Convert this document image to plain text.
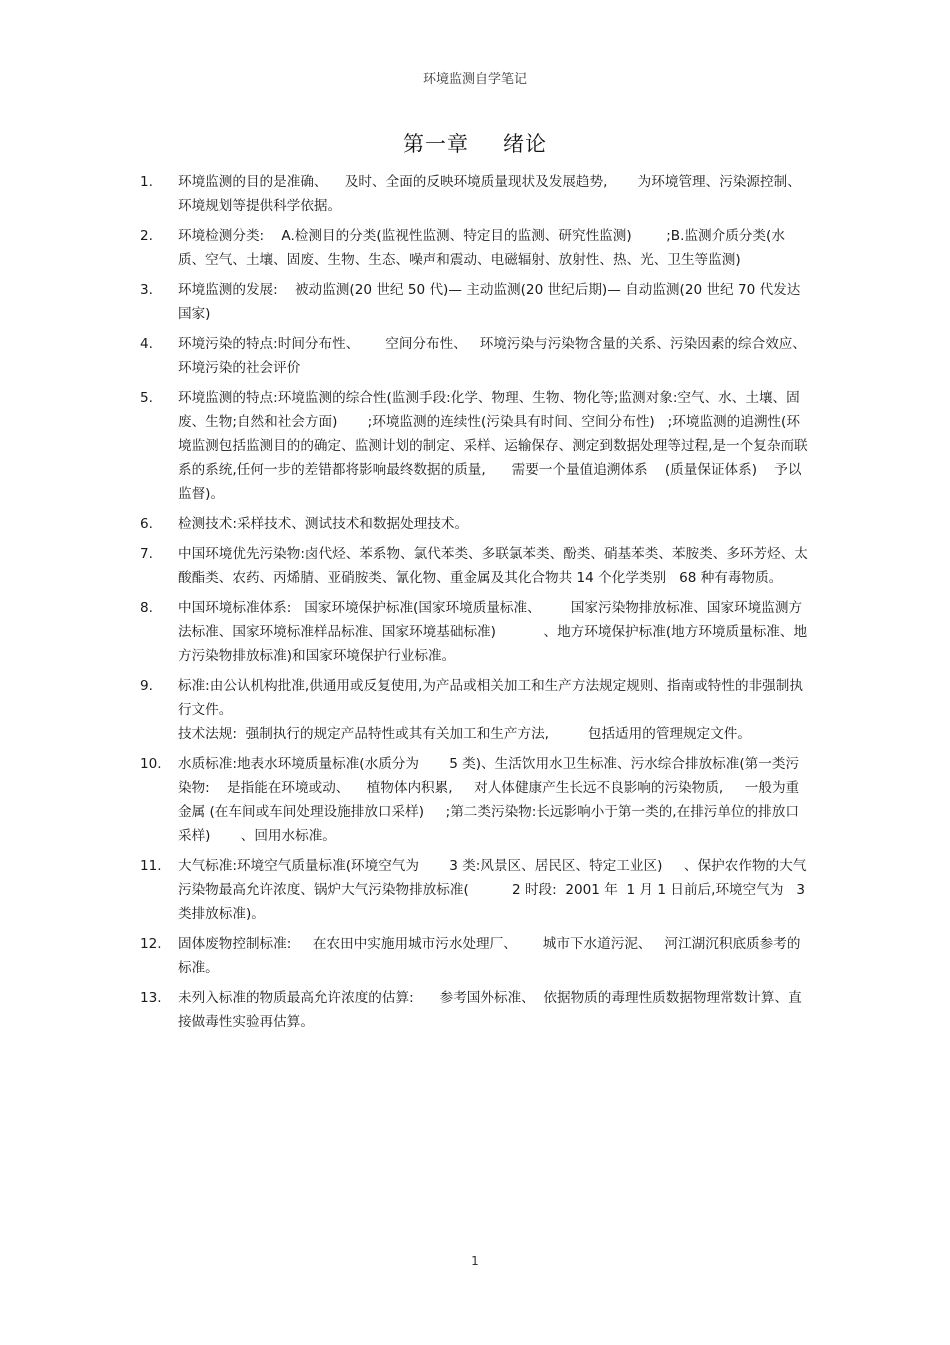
环境监测自学笔记
第一章 绪论
1.	环境监测的目的是准确、    及时、全面的反映环境质量现状及发展趋势,       为环境管理、污染源控制、环境规划等提供科学依据。
2.	环境检测分类:    A.检测目的分类(监视性监测、特定目的监测、研究性监测)        ;B.监测介质分类(水质、空气、土壤、固废、生物、生态、噪声和震动、电磁辐射、放射性、热、光、卫生等监测)
3.	环境监测的发展:    被动监测(20 世纪 50 代)— 主动监测(20 世纪后期)— 自动监测(20 世纪 70 代发达国家)
4.	环境污染的特点:时间分布性、      空间分布性、   环境污染与污染物含量的关系、污染因素的综合效应、环境污染的社会评价
5.	环境监测的特点:环境监测的综合性(监测手段:化学、物理、生物、物化等;监测对象:空气、水、土壤、固废、生物;自然和社会方面)       ;环境监测的连续性(污染具有时间、空间分布性)   ;环境监测的追溯性(环境监测包括监测目的的确定、监测计划的制定、采样、运输保存、测定到数据处理等过程,是一个复杂而联系的系统,任何一步的差错都将影响最终数据的质量,      需要一个量值追溯体系    (质量保证体系)    予以监督)。
6.	检测技术:采样技术、测试技术和数据处理技术。
7.	中国环境优先污染物:卤代烃、苯系物、氯代苯类、多联氯苯类、酚类、硝基苯类、苯胺类、多环芳烃、太酸酯类、农药、丙烯腈、亚硝胺类、氰化物、重金属及其化合物共 14 个化学类别   68 种有毒物质。
8.	中国环境标准体系:   国家环境保护标准(国家环境质量标准、       国家污染物排放标准、国家环境监测方法标准、国家环境标准样品标准、国家环境基础标准)           、地方环境保护标准(地方环境质量标准、地方污染物排放标准)和国家环境保护行业标准。
9.	标准:由公认机构批准,供通用或反复使用,为产品或相关加工和生产方法规定规则、指南或特性的非强制执行文件。
技术法规:  强制执行的规定产品特性或其有关加工和生产方法,         包括适用的管理规定文件。
10.	水质标准:地表水环境质量标准(水质分为       5 类)、生活饮用水卫生标准、污水综合排放标准(第一类污染物:    是指能在环境或动、    植物体内积累,     对人体健康产生长远不良影响的污染物质,     一般为重金属 (在车间或车间处理设施排放口采样)     ;第二类污染物:长远影响小于第一类的,在排污单位的排放口采样)       、回用水标准。
11.	大气标准:环境空气质量标准(环境空气为       3 类:风景区、居民区、特定工业区)     、保护农作物的大气污染物最高允许浓度、锅炉大气污染物排放标准(          2 时段:  2001 年  1 月 1 日前后,环境空气为   3 类排放标准)。
12.	固体废物控制标准:     在农田中实施用城市污水处理厂、      城市下水道污泥、   河江湖沉积底质参考的标准。
13.	未列入标准的物质最高允许浓度的估算:      参考国外标准、  依据物质的毒理性质数据物理常数计算、直接做毒性实验再估算。
1
